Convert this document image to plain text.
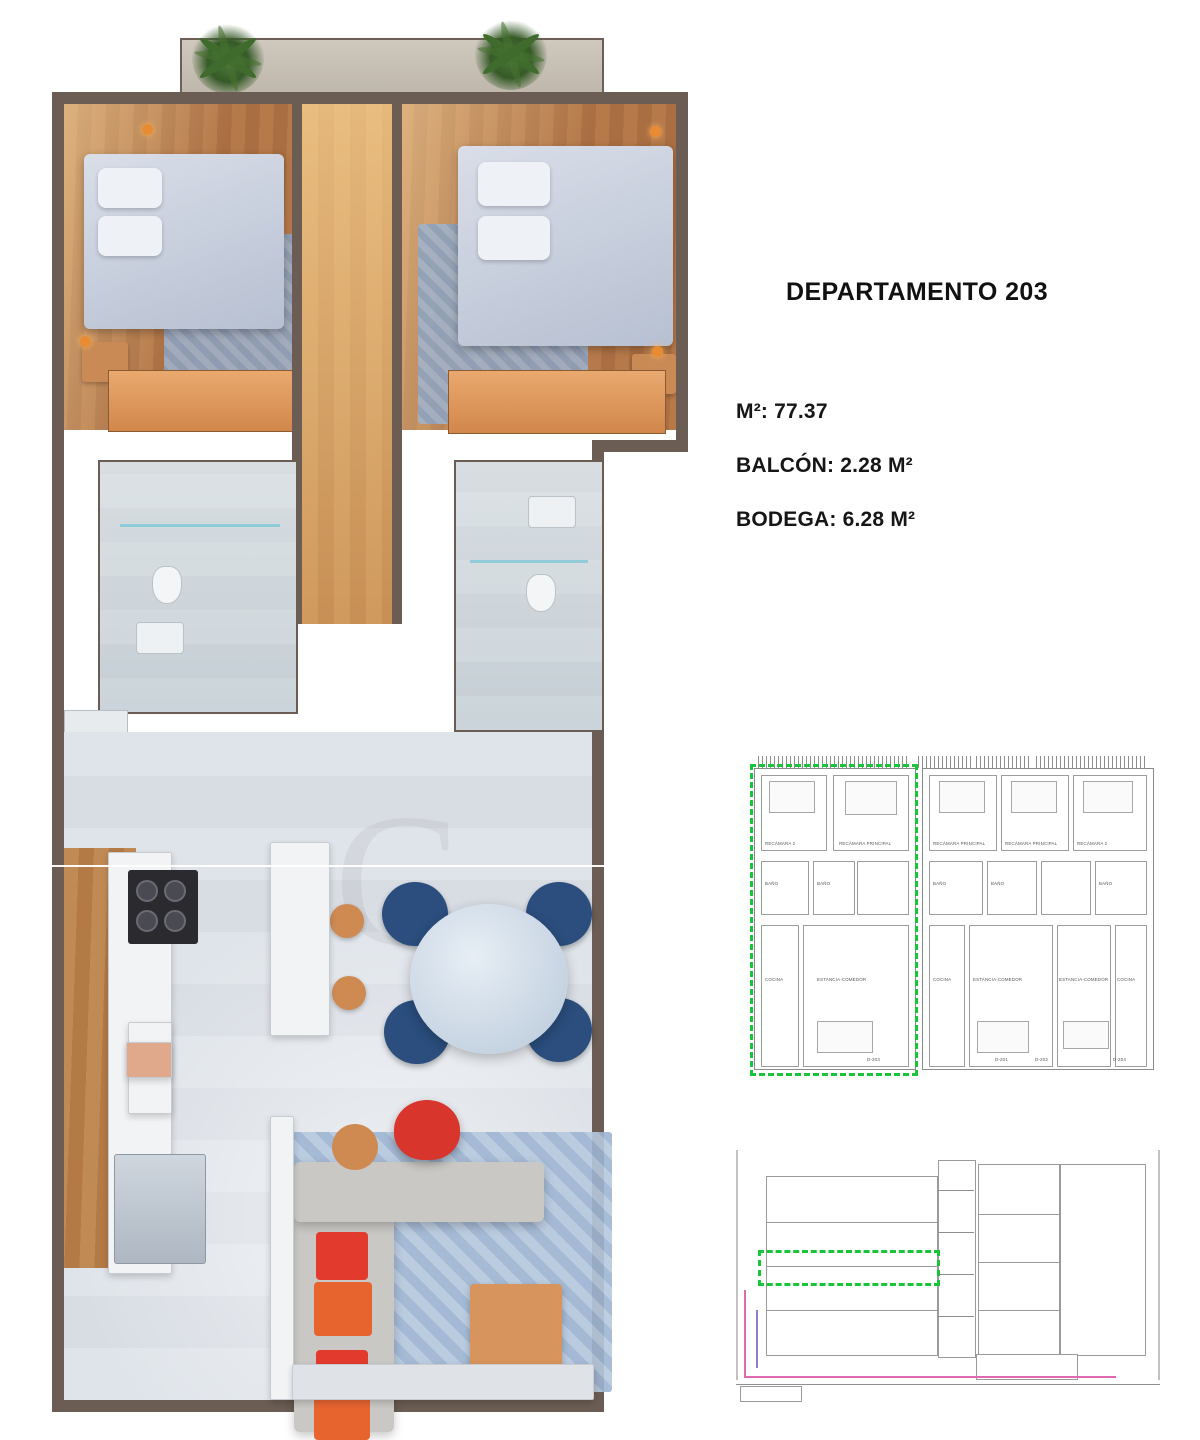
C
DEPARTAMENTO 203
M²: 77.37
BALCÓN: 2.28 M²
BODEGA: 6.28 M²
RECÁMARA 2	RECÁMARA PRINCIPAL
BAÑO	BAÑO
COCINA	ESTANCIA-COMEDOR
D-203
RECÁMARA PRINCIPAL	RECÁMARA PRINCIPAL	RECÁMARA 2
BAÑO	BAÑO	BAÑO
COCINA	ESTANCIA-COMEDOR	ESTANCIA-COMEDOR COCINA
D-201	D-202	D-204
